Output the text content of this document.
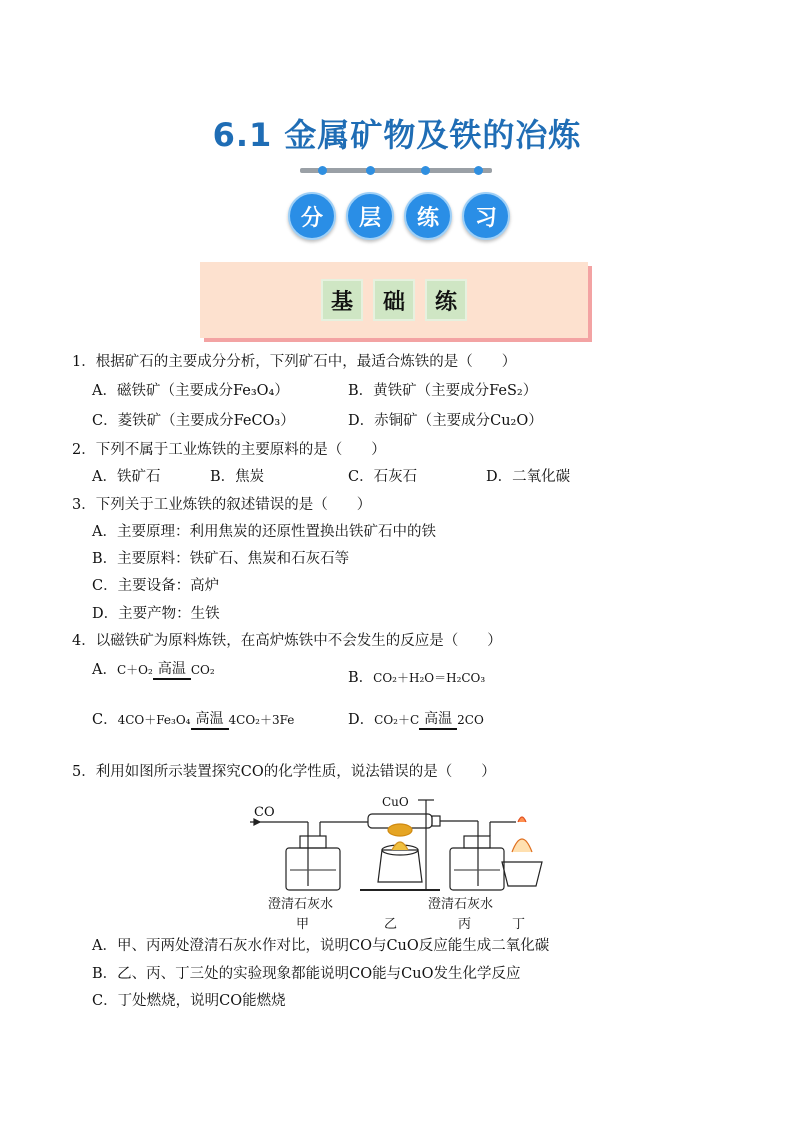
6.1 金属矿物及铁的冶炼
分	层	练	习
基	础	练
1．根据矿石的主要成分分析，下列矿石中，最适合炼铁的是（　　）
A．磁铁矿（主要成分Fe₃O₄）	B．黄铁矿（主要成分FeS₂）
C．菱铁矿（主要成分FeCO₃）	D．赤铜矿（主要成分Cu₂O）
2．下列不属于工业炼铁的主要原料的是（　　）
A．铁矿石	B．焦炭	C．石灰石	D．二氧化碳
3．下列关于工业炼铁的叙述错误的是（　　）
A．主要原理：利用焦炭的还原性置换出铁矿石中的铁
B．主要原料：铁矿石、焦炭和石灰石等
C．主要设备：高炉
D．主要产物：生铁
4．以磁铁矿为原料炼铁，在高炉炼铁中不会发生的反应是（　　）
A．C＋O₂ 高温 CO₂	B．CO₂＋H₂O＝H₂CO₃
C．4CO＋Fe₃O₄ 高温 4CO₂＋3Fe	D．CO₂＋C 高温 2CO
5．利用如图所示装置探究CO的化学性质，说法错误的是（　　）
CO
CuO
澄清石灰水	澄清石灰水
甲	乙	丙	丁
A．甲、丙两处澄清石灰水作对比，说明CO与CuO反应能生成二氧化碳
B．乙、丙、丁三处的实验现象都能说明CO能与CuO发生化学反应
C．丁处燃烧，说明CO能燃烧
